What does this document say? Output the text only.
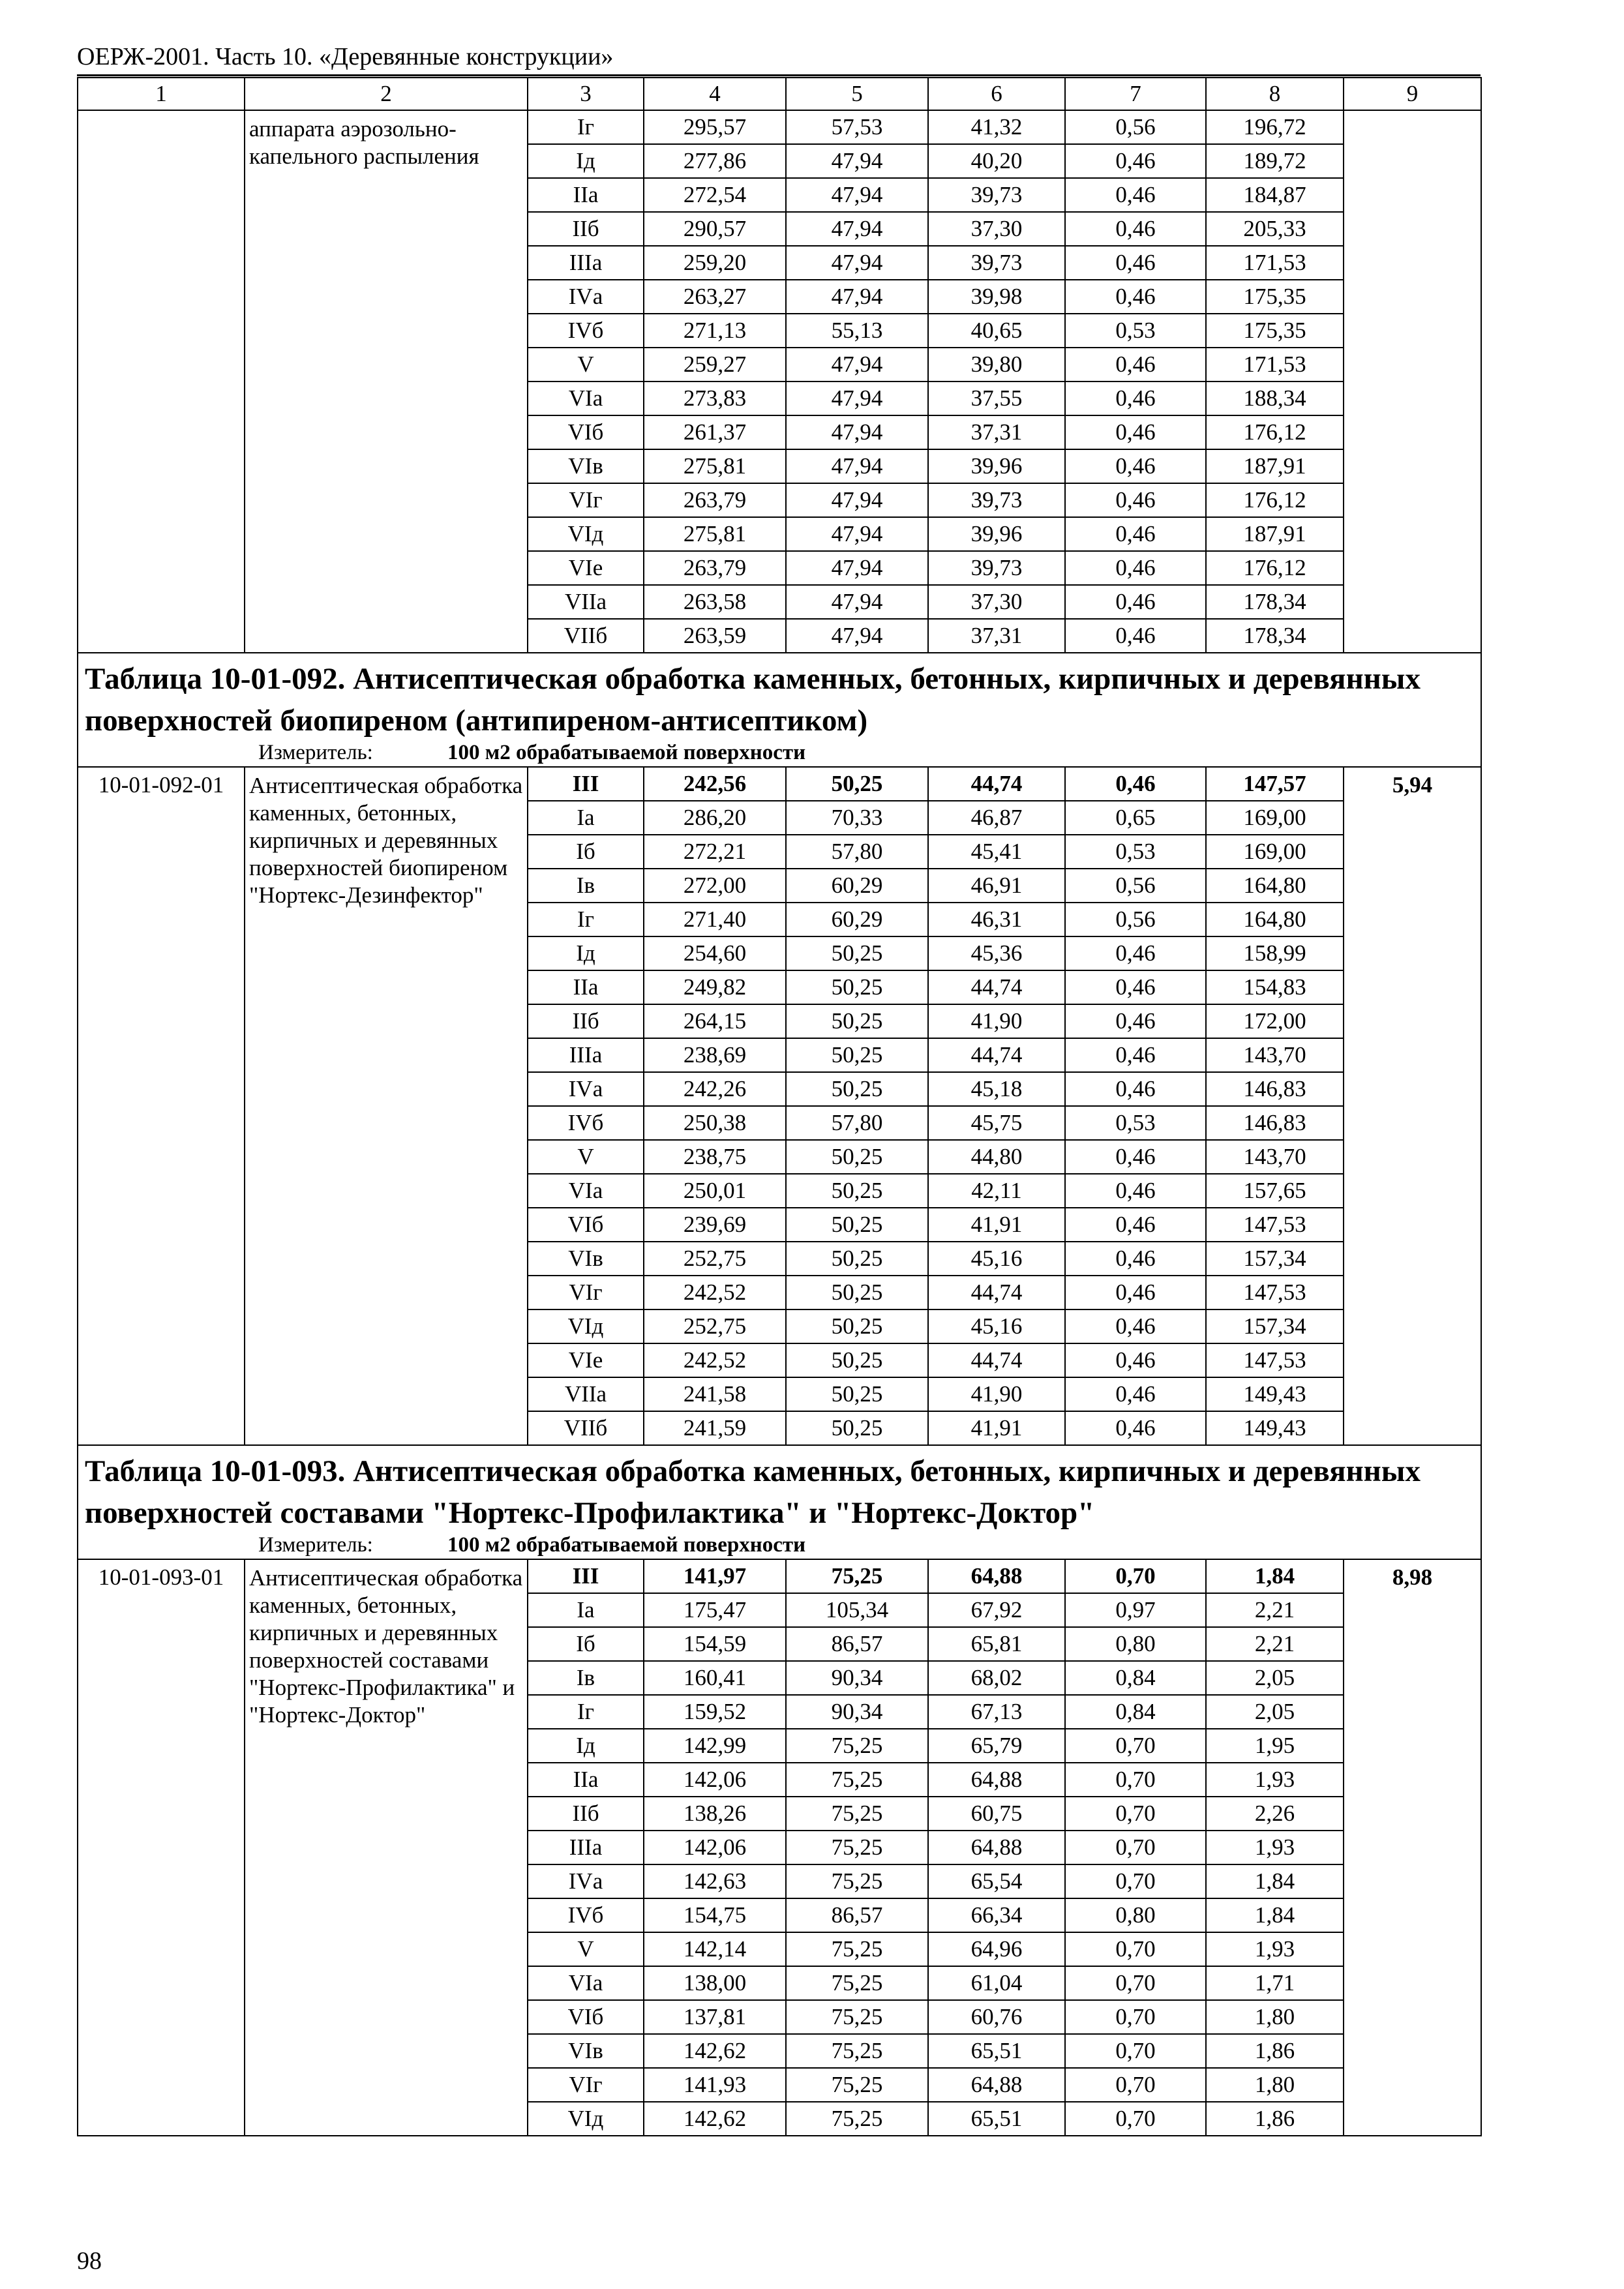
ОЕРЖ-2001. Часть 10. «Деревянные конструкции»
1	2	3	4	5	6	7	8	9
	аппарата аэрозольно-капельного распыления	Iг	295,57	57,53	41,32	0,56	196,72	
		Iд	277,86	47,94	40,20	0,46	189,72	
		IIа	272,54	47,94	39,73	0,46	184,87	
		IIб	290,57	47,94	37,30	0,46	205,33	
		IIIа	259,20	47,94	39,73	0,46	171,53	
		IVа	263,27	47,94	39,98	0,46	175,35	
		IVб	271,13	55,13	40,65	0,53	175,35	
		V	259,27	47,94	39,80	0,46	171,53	
		VIа	273,83	47,94	37,55	0,46	188,34	
		VIб	261,37	47,94	37,31	0,46	176,12	
		VIв	275,81	47,94	39,96	0,46	187,91	
		VIг	263,79	47,94	39,73	0,46	176,12	
		VIд	275,81	47,94	39,96	0,46	187,91	
		VIе	263,79	47,94	39,73	0,46	176,12	
		VIIа	263,58	47,94	37,30	0,46	178,34	
		VIIб	263,59	47,94	37,31	0,46	178,34	

Таблица 10-01-092. Антисептическая обработка каменных, бетонных, кирпичных и деревянных поверхностей биопиреном (антипиреном-антисептиком)
Измеритель: 100 м2 обрабатываемой поверхности								

10-01-092-01	Антисептическая обработка каменных, бетонных, кирпичных и деревянных поверхностей биопиреном "Нортекс-Дезинфектор"	III	242,56	50,25	44,74	0,46	147,57	5,94
		Iа	286,20	70,33	46,87	0,65	169,00	
		Iб	272,21	57,80	45,41	0,53	169,00	
		Iв	272,00	60,29	46,91	0,56	164,80	
		Iг	271,40	60,29	46,31	0,56	164,80	
		Iд	254,60	50,25	45,36	0,46	158,99	
		IIа	249,82	50,25	44,74	0,46	154,83	
		IIб	264,15	50,25	41,90	0,46	172,00	
		IIIа	238,69	50,25	44,74	0,46	143,70	
		IVа	242,26	50,25	45,18	0,46	146,83	
		IVб	250,38	57,80	45,75	0,53	146,83	
		V	238,75	50,25	44,80	0,46	143,70	
		VIа	250,01	50,25	42,11	0,46	157,65	
		VIб	239,69	50,25	41,91	0,46	147,53	
		VIв	252,75	50,25	45,16	0,46	157,34	
		VIг	242,52	50,25	44,74	0,46	147,53	
		VIд	252,75	50,25	45,16	0,46	157,34	
		VIе	242,52	50,25	44,74	0,46	147,53	
		VIIа	241,58	50,25	41,90	0,46	149,43	
		VIIб	241,59	50,25	41,91	0,46	149,43	

Таблица 10-01-093. Антисептическая обработка каменных, бетонных, кирпичных и деревянных поверхностей составами "Нортекс-Профилактика" и "Нортекс-Доктор"
Измеритель: 100 м2 обрабатываемой поверхности								

10-01-093-01	Антисептическая обработка каменных, бетонных, кирпичных и деревянных поверхностей составами "Нортекс-Профилактика" и "Нортекс-Доктор"	III	141,97	75,25	64,88	0,70	1,84	8,98
		Iа	175,47	105,34	67,92	0,97	2,21	
		Iб	154,59	86,57	65,81	0,80	2,21	
		Iв	160,41	90,34	68,02	0,84	2,05	
		Iг	159,52	90,34	67,13	0,84	2,05	
		Iд	142,99	75,25	65,79	0,70	1,95	
		IIа	142,06	75,25	64,88	0,70	1,93	
		IIб	138,26	75,25	60,75	0,70	2,26	
		IIIа	142,06	75,25	64,88	0,70	1,93	
		IVа	142,63	75,25	65,54	0,70	1,84	
		IVб	154,75	86,57	66,34	0,80	1,84	
		V	142,14	75,25	64,96	0,70	1,93	
		VIа	138,00	75,25	61,04	0,70	1,71	
		VIб	137,81	75,25	60,76	0,70	1,80	
		VIв	142,62	75,25	65,51	0,70	1,86	
		VIг	141,93	75,25	64,88	0,70	1,80	
		VIд	142,62	75,25	65,51	0,70	1,86	
98
